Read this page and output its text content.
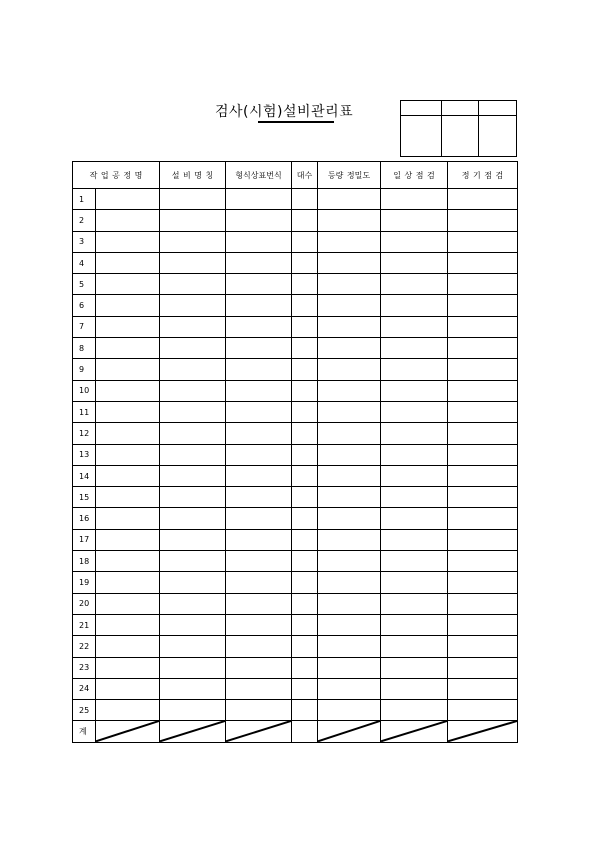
검사(시험)설비관리표

작 업 공 정 명		설 비 명 칭	형식상표번식	대수	등량 정밀도	일 상 점 검	정 기 점 검
1							
2							
3							
4							
5							
6							
7							
8							
9							
10							
11							
12							
13							
14							
15							
16							
17							
18							
19							
20							
21							
22							
23							
24							
25							
계	
